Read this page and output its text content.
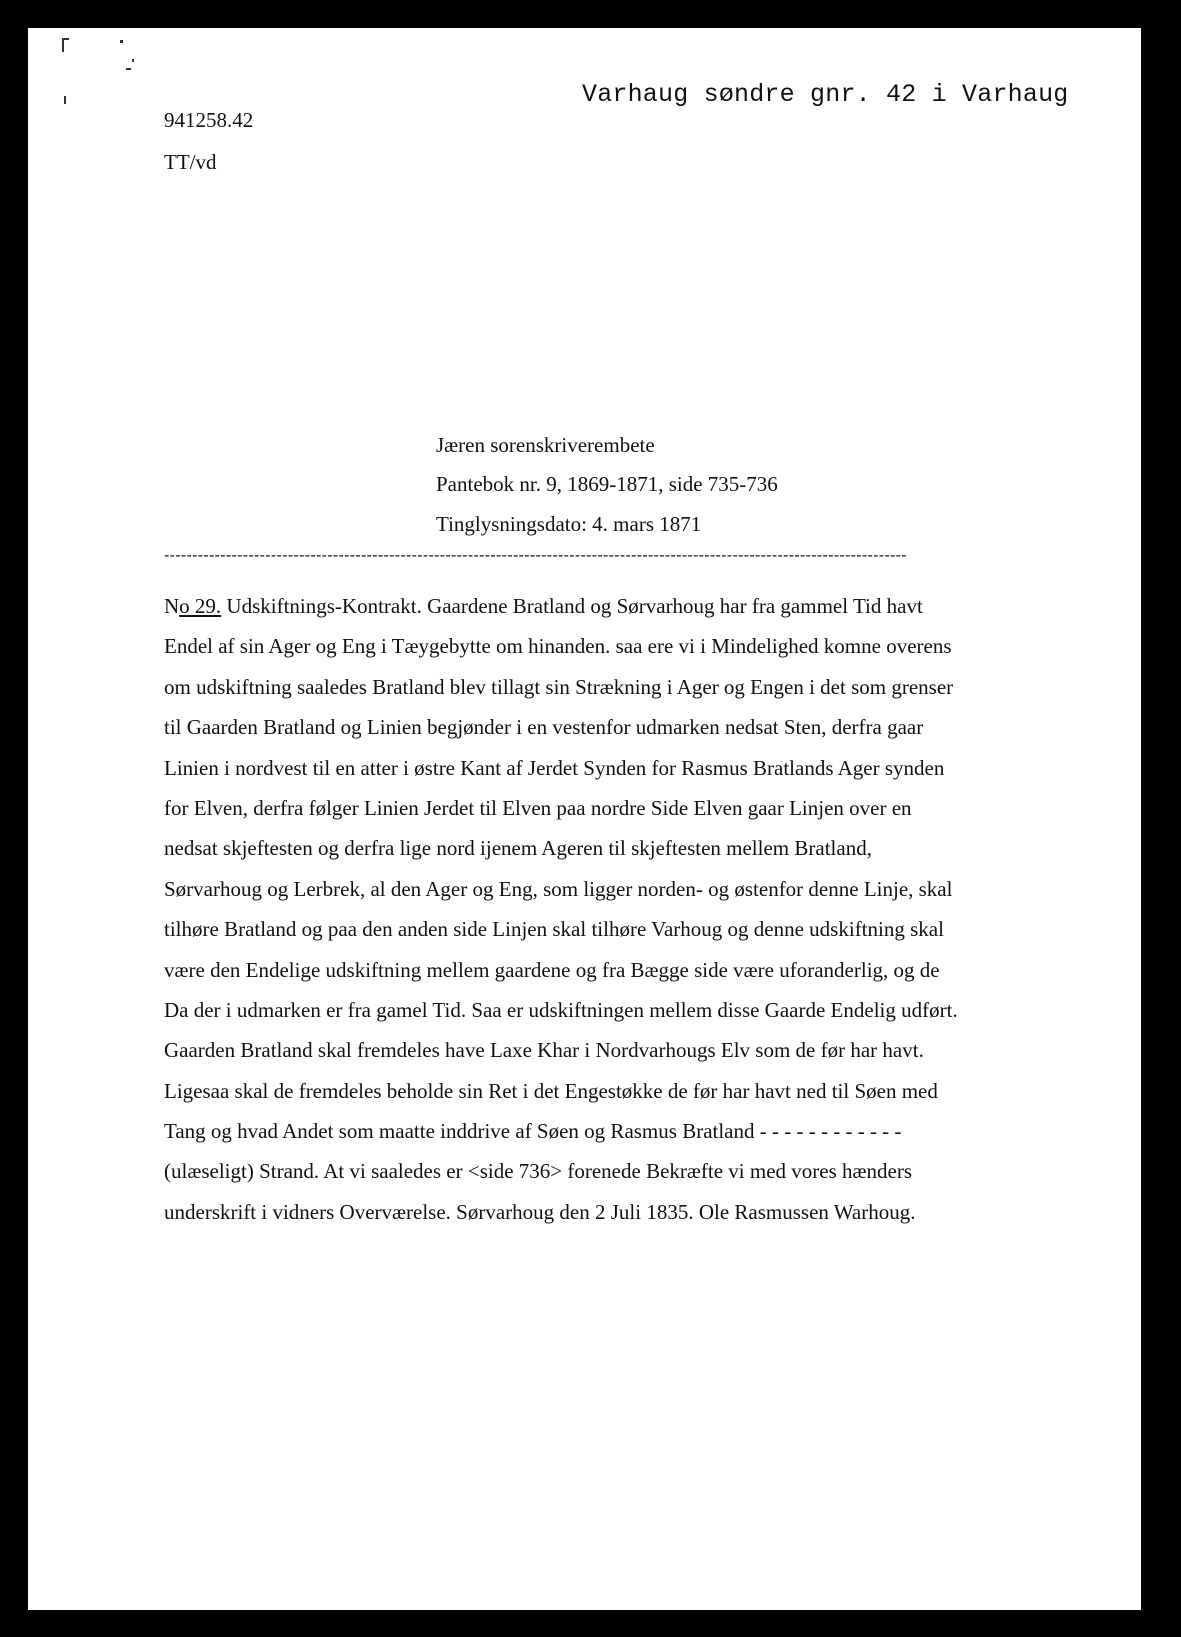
Varhaug søndre gnr. 42 i Varhaug
941258.42
TT/vd
Jæren sorenskriverembete
Pantebok nr. 9, 1869-1871, side 735-736
Tinglysningsdato: 4. mars 1871
------------------------------------------------------------------------------------------------------------------------------------
No 29. Udskiftnings-Kontrakt. Gaardene Bratland og Sørvarhoug har fra gammel Tid havt
Endel af sin Ager og Eng i Tæygebytte om hinanden. saa ere vi i Mindelighed komne overens
om udskiftning saaledes Bratland blev tillagt sin Strækning i Ager og Engen i det som grenser
til Gaarden Bratland og Linien begjønder i en vestenfor udmarken nedsat Sten, derfra gaar
Linien i nordvest til en atter i østre Kant af Jerdet Synden for Rasmus Bratlands Ager synden
for Elven, derfra følger Linien Jerdet til Elven paa nordre Side Elven gaar Linjen over en
nedsat skjeftesten og derfra lige nord ijenem Ageren til skjeftesten mellem Bratland,
Sørvarhoug og Lerbrek, al den Ager og Eng, som ligger norden- og østenfor denne Linje, skal
tilhøre Bratland og paa den anden side Linjen skal tilhøre Varhoug og denne udskiftning skal
være den Endelige udskiftning mellem gaardene og fra Bægge side være uforanderlig, og de
Da der i udmarken er fra gamel Tid. Saa er udskiftningen mellem disse Gaarde Endelig udført.
Gaarden Bratland skal fremdeles have Laxe Khar i Nordvarhougs Elv som de før har havt.
Ligesaa skal de fremdeles beholde sin Ret i det Engestøkke de før har havt ned til Søen med
Tang og hvad Andet som maatte inddrive af Søen og Rasmus Bratland - - - - - - - - - - - -
(ulæseligt) Strand. At vi saaledes er <side 736> forenede Bekræfte vi med vores hænders
underskrift i vidners Overværelse. Sørvarhoug den 2 Juli 1835. Ole Rasmussen Warhoug.
